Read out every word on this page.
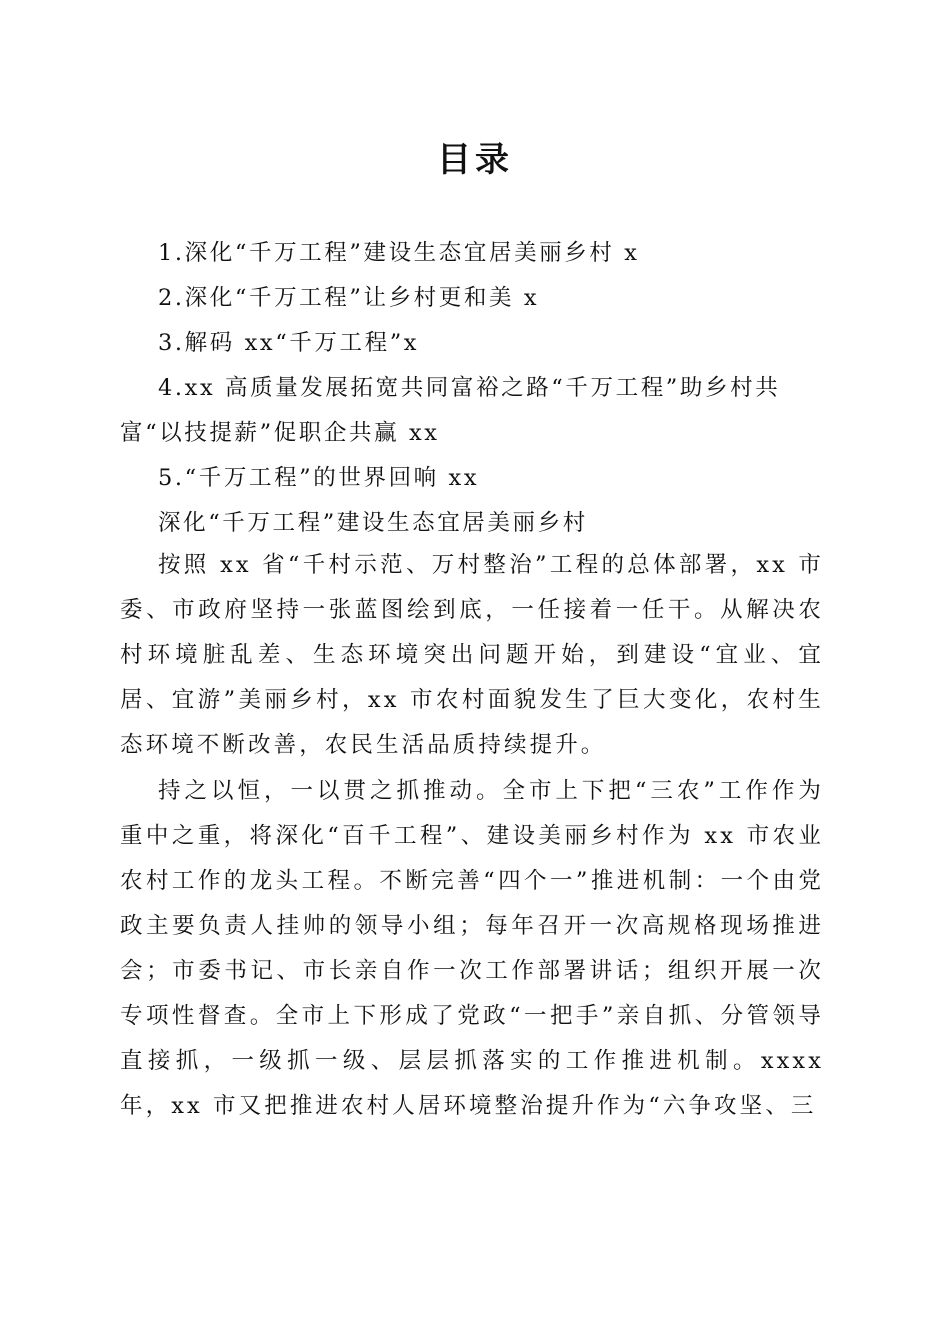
目录
1.深化“千万工程”建设生态宜居美丽乡村 x
2.深化“千万工程”让乡村更和美 x
3.解码 xx“千万工程”x
4.xx 高质量发展拓宽共同富裕之路“千万工程”助乡村共
富“以技提薪”促职企共赢 xx
5.“千万工程”的世界回响 xx
深化“千万工程”建设生态宜居美丽乡村
按照 xx 省“千村示范、万村整治”工程的总体部署，xx 市委、市政府坚持一张蓝图绘到底，一任接着一任干。从解决农村环境脏乱差、生态环境突出问题开始，到建设“宜业、宜居、宜游”美丽乡村，xx 市农村面貌发生了巨大变化，农村生态环境不断改善，农民生活品质持续提升。
持之以恒，一以贯之抓推动。全市上下把“三农”工作作为重中之重，将深化“百千工程”、建设美丽乡村作为 xx 市农业农村工作的龙头工程。不断完善“四个一”推进机制：一个由党政主要负责人挂帅的领导小组；每年召开一次高规格现场推进会；市委书记、市长亲自作一次工作部署讲话；组织开展一次专项性督查。全市上下形成了党政“一把手”亲自抓、分管领导直接抓，一级抓一级、层层抓落实的工作推进机制。xxxx 年，xx 市又把推进农村人居环境整治提升作为“六争攻坚、三
